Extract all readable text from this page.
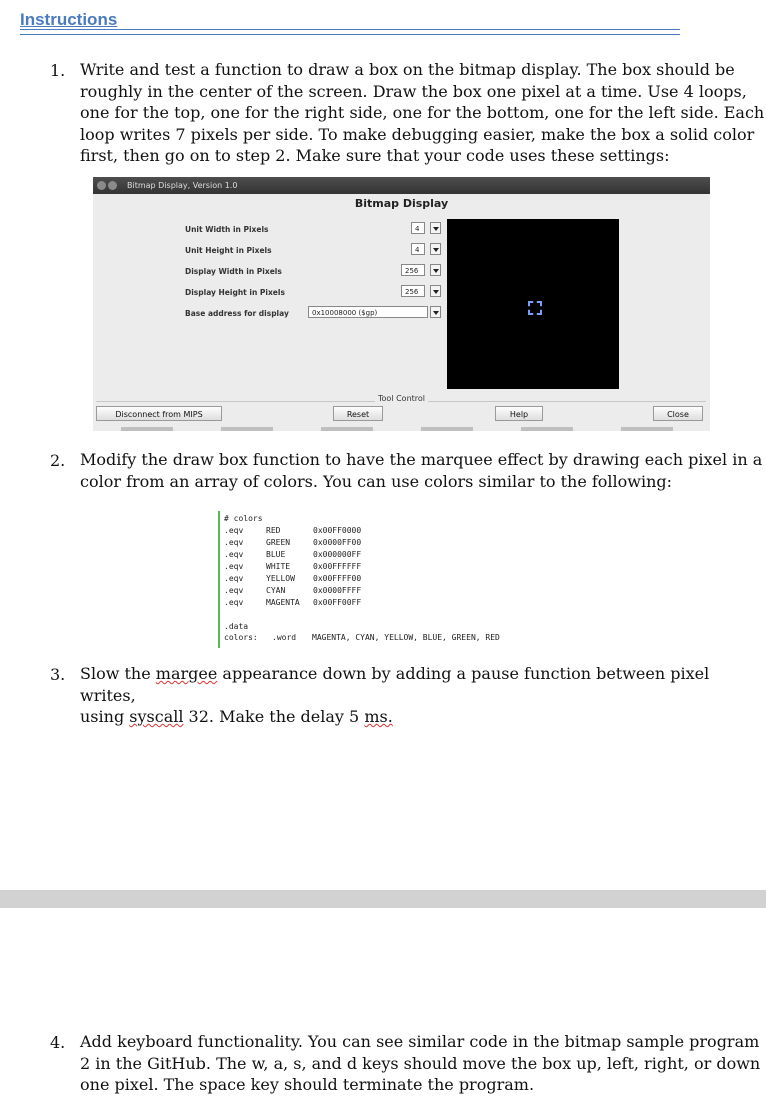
Instructions
1. Write and test a function to draw a box on the bitmap display. The box should be
roughly in the center of the screen. Draw the box one pixel at a time. Use 4 loops,
one for the top, one for the right side, one for the bottom, one for the left side. Each
loop writes 7 pixels per side. To make debugging easier, make the box a solid color
first, then go on to step 2. Make sure that your code uses these settings:
Bitmap Display, Version 1.0
Bitmap Display
Unit Width in Pixels	4
Unit Height in Pixels	4
Display Width in Pixels	256
Display Height in Pixels	256
Base address for display	0x10008000 ($gp)
Tool Control
Disconnect from MIPS	Reset	Help	Close
2. Modify the draw box function to have the marquee effect by drawing each pixel in a
color from an array of colors. You can use colors similar to the following:
# colors
.eqv	RED	0x00FF0000
.eqv	GREEN	0x0000FF00
.eqv	BLUE	0x000000FF
.eqv	WHITE	0x00FFFFFF
.eqv	YELLOW 0x00FFFF00
.eqv	CYAN	0x0000FFFF
.eqv	MAGENTA 0x00FF00FF
.data
colors: .word MAGENTA, CYAN, YELLOW, BLUE, GREEN, RED
3. Slow the margee appearance down by adding a pause function between pixel writes,
using syscall 32. Make the delay 5 ms.
4. Add keyboard functionality. You can see similar code in the bitmap sample program
2 in the GitHub. The w, a, s, and d keys should move the box up, left, right, or down
one pixel. The space key should terminate the program.
